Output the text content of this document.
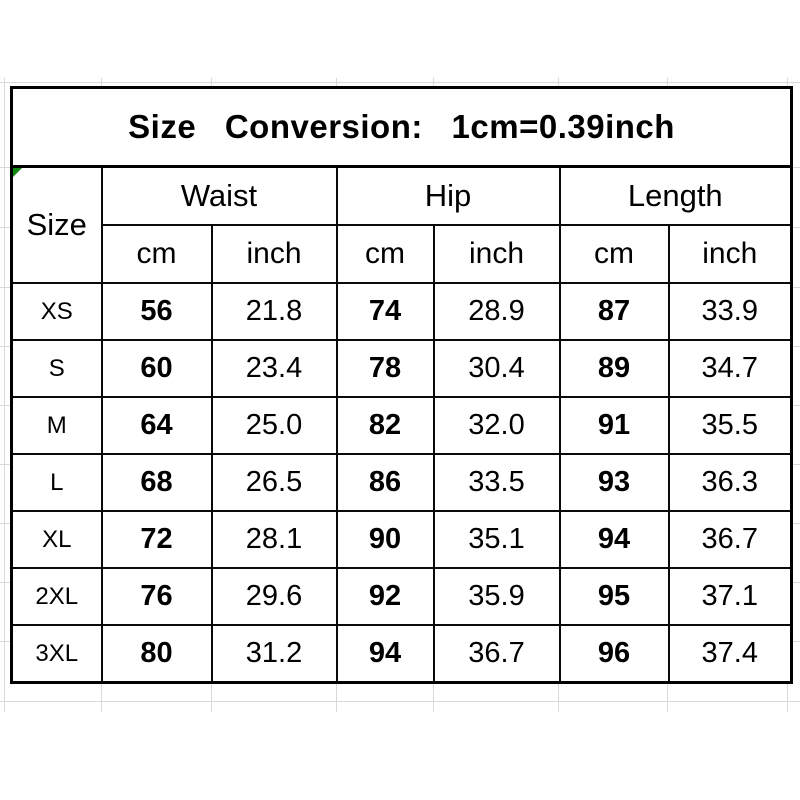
Size Conversion: 1cm=0.39inch						

Size	Waist		Hip		Length	
	cm	inch	cm	inch	cm	inch
XS	56	21.8	74	28.9	87	33.9
S	60	23.4	78	30.4	89	34.7
M	64	25.0	82	32.0	91	35.5
L	68	26.5	86	33.5	93	36.3
XL	72	28.1	90	35.1	94	36.7
2XL	76	29.6	92	35.9	95	37.1
3XL	80	31.2	94	36.7	96	37.4
